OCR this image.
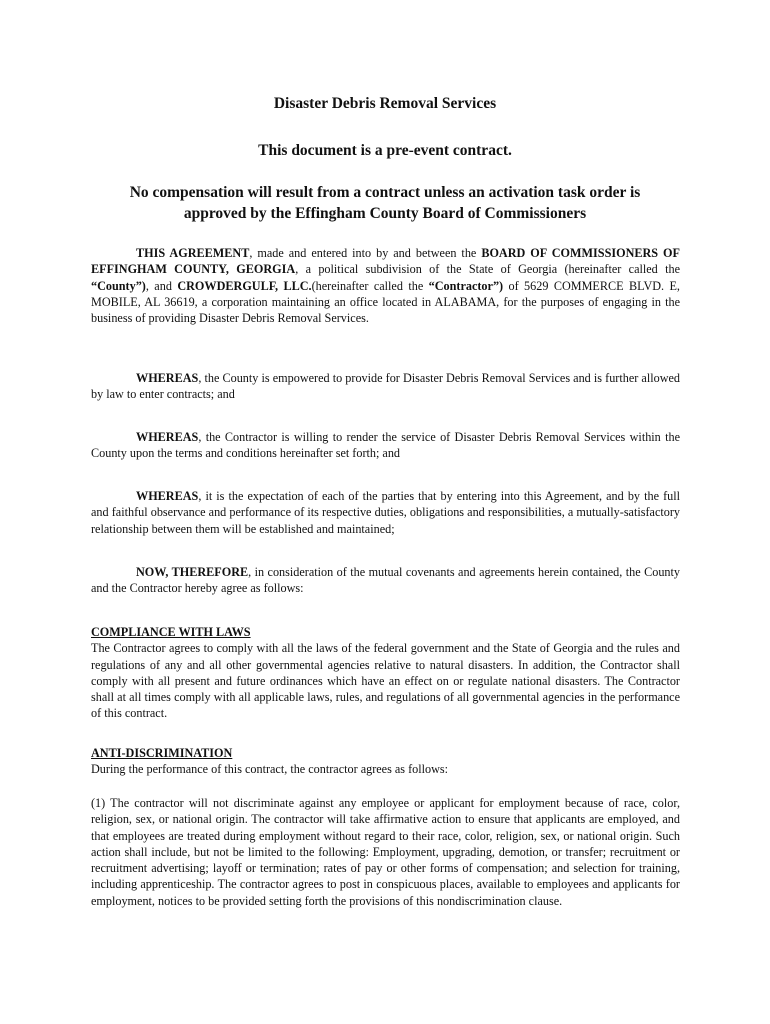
Disaster Debris Removal Services
This document is a pre-event contract.
No compensation will result from a contract unless an activation task order is
approved by the Effingham County Board of Commissioners

THIS AGREEMENT, made and entered into by and between the BOARD OF COMMISSIONERS OF EFFINGHAM COUNTY, GEORGIA, a political subdivision of the State of Georgia (hereinafter called the “County”), and CROWDERGULF, LLC.(hereinafter called the “Contractor”) of 5629 COMMERCE BLVD. E, MOBILE, AL 36619, a corporation maintaining an office located in ALABAMA, for the purposes of engaging in the business of providing Disaster Debris Removal Services.

WHEREAS, the County is empowered to provide for Disaster Debris Removal Services and is further allowed by law to enter contracts; and

WHEREAS, the Contractor is willing to render the service of Disaster Debris Removal Services within the County upon the terms and conditions hereinafter set forth; and

WHEREAS, it is the expectation of each of the parties that by entering into this Agreement, and by the full and faithful observance and performance of its respective duties, obligations and responsibilities, a mutually-satisfactory relationship between them will be established and maintained;

NOW, THEREFORE, in consideration of the mutual covenants and agreements herein contained, the County and the Contractor hereby agree as follows:

COMPLIANCE WITH LAWS
The Contractor agrees to comply with all the laws of the federal government and the State of Georgia and the rules and regulations of any and all other governmental agencies relative to natural disasters. In addition, the Contractor shall comply with all present and future ordinances which have an effect on or regulate national disasters. The Contractor shall at all times comply with all applicable laws, rules, and regulations of all governmental agencies in the performance of this contract.

ANTI-DISCRIMINATION
During the performance of this contract, the contractor agrees as follows:

(1) The contractor will not discriminate against any employee or applicant for employment because of race, color, religion, sex, or national origin. The contractor will take affirmative action to ensure that applicants are employed, and that employees are treated during employment without regard to their race, color, religion, sex, or national origin. Such action shall include, but not be limited to the following: Employment, upgrading, demotion, or transfer; recruitment or recruitment advertising; layoff or termination; rates of pay or other forms of compensation; and selection for training, including apprenticeship. The contractor agrees to post in conspicuous places, available to employees and applicants for employment, notices to be provided setting forth the provisions of this nondiscrimination clause.
